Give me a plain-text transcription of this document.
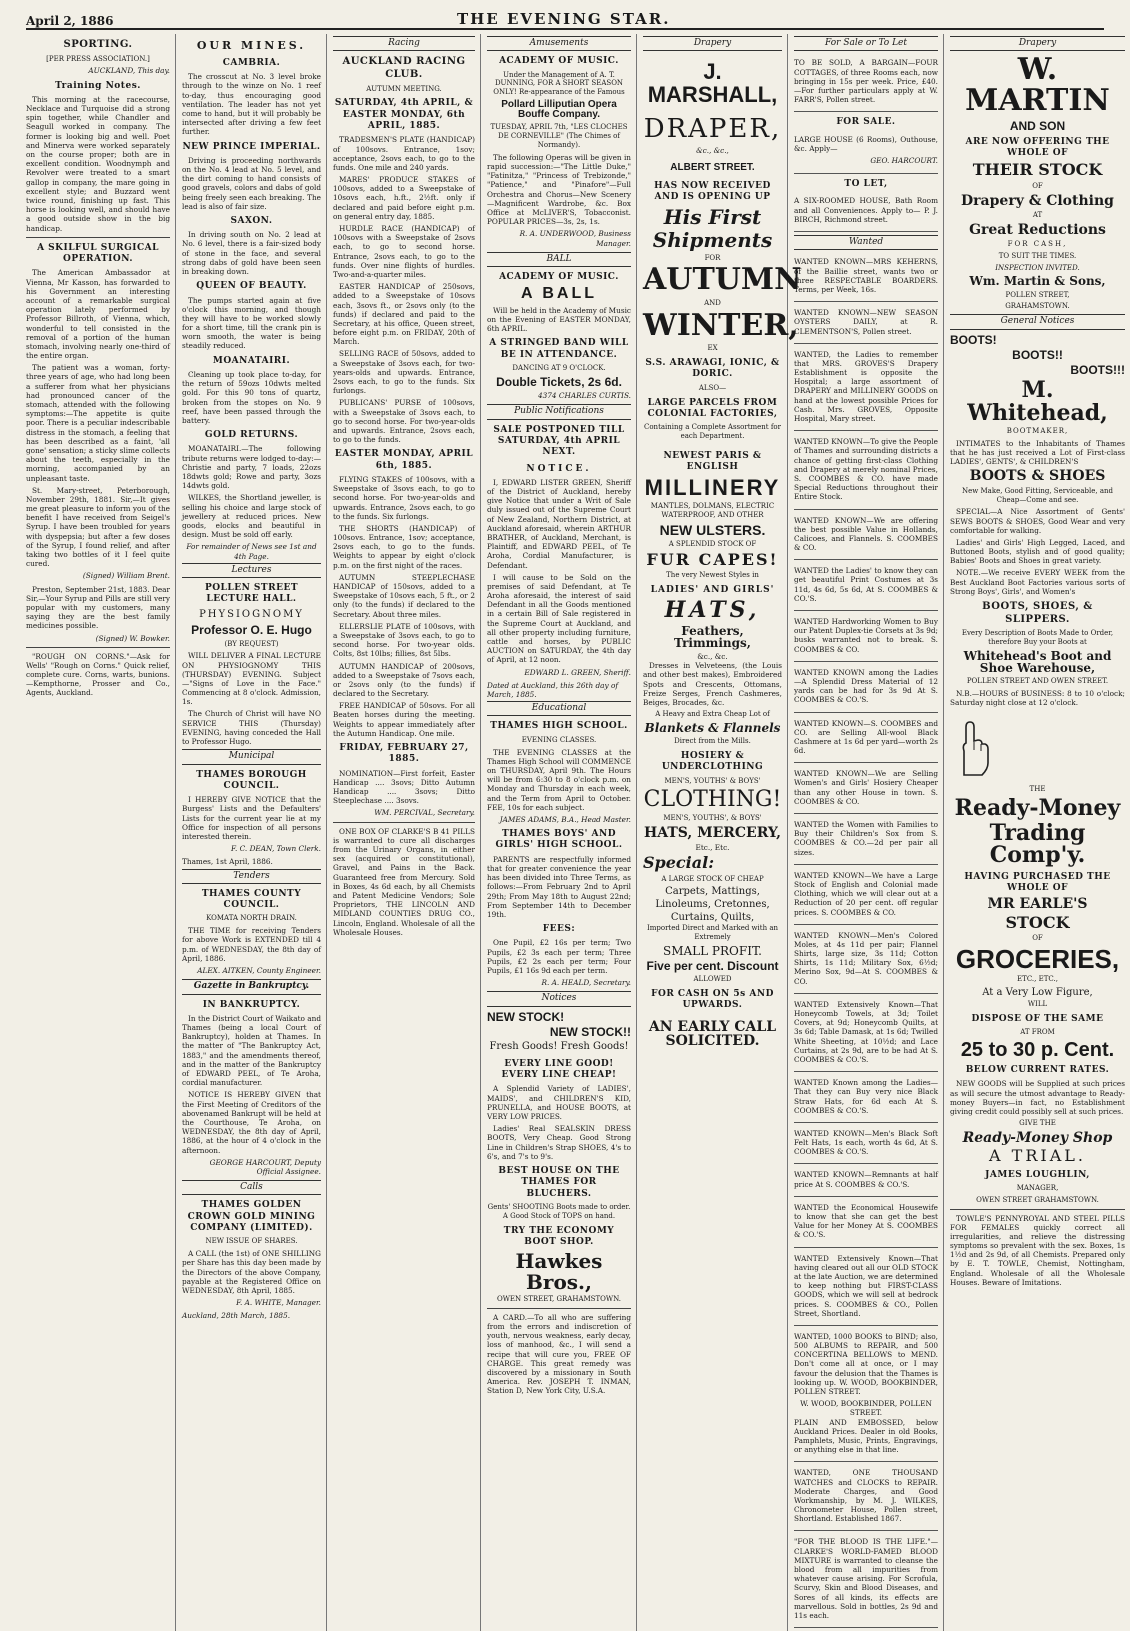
April 2, 1886	THE EVENING STAR.
SPORTING.
[PER PRESS ASSOCIATION.]
AUCKLAND, This day.
Training Notes.

This morning at the racecourse, Necklace and Turquoise did a strong spin together, while Chandler and Seagull worked in company. The former is looking big and well. Poet and Minerva were worked separately on the course proper; both are in excellent condition. Woodnymph and Revolver were treated to a smart gallop in company, the mare going in excellent style; and Buzzard went twice round, finishing up fast. This horse is looking well, and should have a good outside show in the big handicap.

A SKILFUL SURGICAL OPERATION.

The American Ambassador at Vienna, Mr Kasson, has forwarded to his Government an interesting account of a remarkable surgical operation lately performed by Professor Billroth, of Vienna, which, wonderful to tell consisted in the removal of a portion of the human stomach, involving nearly one-third of the entire organ.

The patient was a woman, forty-three years of age, who had long been a sufferer from what her physicians had pronounced cancer of the stomach, attended with the following symptoms:—The appetite is quite poor. There is a peculiar indescribable distress in the stomach, a feeling that has been described as a faint, 'all gone' sensation; a sticky slime collects about the teeth, especially in the morning, accompanied by an unpleasant taste.

St. Mary-street, Peterborough, November 29th, 1881. Sir,—It gives me great pleasure to inform you of the benefit I have received from Seigel's Syrup. I have been troubled for years with dyspepsia; but after a few doses of the Syrup, I found relief, and after taking two bottles of it I feel quite cured.

(Signed) William Brent.

Preston, September 21st, 1883. Dear Sir,—Your Syrup and Pills are still very popular with my customers, many saying they are the best family medicines possible.

(Signed) W. Bowker.

"ROUGH ON CORNS."—Ask for Wells' "Rough on Corns." Quick relief, complete cure. Corns, warts, bunions.—Kempthorne, Prosser and Co., Agents, Auckland.

OUR MINES.
CAMBRIA.

The crosscut at No. 3 level broke through to the winze on No. 1 reef to-day, thus encouraging good ventilation. The leader has not yet come to hand, but it will probably be intersected after driving a few feet further.

NEW PRINCE IMPERIAL.

Driving is proceeding northwards on the No. 4 lead at No. 5 level, and the dirt coming to hand consists of good gravels, colors and dabs of gold being freely seen each breaking. The lead is also of fair size.

SAXON.

In driving south on No. 2 lead at No. 6 level, there is a fair-sized body of stone in the face, and several strong dabs of gold have been seen in breaking down.

QUEEN OF BEAUTY.

The pumps started again at five o'clock this morning, and though they will have to be worked slowly for a short time, till the crank pin is worn smooth, the water is being steadily reduced.

MOANATAIRI.

Cleaning up took place to-day, for the return of 59ozs 10dwts melted gold. For this 90 tons of quartz, broken from the stopes on No. 9 reef, have been passed through the battery.

GOLD RETURNS.

MOANATAIRI.—The following tribute returns were lodged to-day:—Christie and party, 7 loads, 22ozs 18dwts gold; Rowe and party, 3ozs 14dwts gold.

WILKES, the Shortland jeweller, is selling his choice and large stock of jewellery at reduced prices. New goods, elocks and beautiful in design. Must be sold off early.

For remainder of News see 1st and 4th Page.
Lectures
POLLEN STREET LECTURE HALL.
PHYSIOGNOMY
Professor O. E. Hugo
(BY REQUEST)

WILL DELIVER A FINAL LECTURE ON PHYSIOGNOMY THIS (THURSDAY) EVENING. Subject—"Signs of Love in the Face." Commencing at 8 o'clock. Admission, 1s.

The Church of Christ will have NO SERVICE THIS (Thursday) EVENING, having conceded the Hall to Professor Hugo.

Municipal
THAMES BOROUGH COUNCIL.

I HEREBY GIVE NOTICE that the Burgess' Lists and the Defaulters' Lists for the current year lie at my Office for inspection of all persons interested therein.

F. C. DEAN, Town Clerk.
Thames, 1st April, 1886.
Tenders
THAMES COUNTY COUNCIL.
KOMATA NORTH DRAIN.

THE TIME for receiving Tenders for above Work is EXTENDED till 4 p.m. of WEDNESDAY, the 8th day of April, 1886.

ALEX. AITKEN, County Engineer.
Gazette in Bankruptcy.
IN BANKRUPTCY.

In the District Court of Waikato and Thames (being a local Court of Bankruptcy), holden at Thames. In the matter of "The Bankruptcy Act, 1883," and the amendments thereof, and in the matter of the Bankruptcy of EDWARD PEEL, of Te Aroha, cordial manufacturer.

NOTICE IS HEREBY GIVEN that the First Meeting of Creditors of the abovenamed Bankrupt will be held at the Courthouse, Te Aroha, on WEDNESDAY, the 8th day of April, 1886, at the hour of 4 o'clock in the afternoon.

GEORGE HARCOURT, Deputy Official Assignee.
Calls
THAMES GOLDEN CROWN GOLD MINING COMPANY (LIMITED).
NEW ISSUE OF SHARES.

A CALL (the 1st) of ONE SHILLING per Share has this day been made by the Directors of the above Company, payable at the Registered Office on WEDNESDAY, 8th April, 1885.

F. A. WHITE, Manager.
Auckland, 28th March, 1885.
Racing
AUCKLAND RACING CLUB.
AUTUMN MEETING.
SATURDAY, 4th APRIL, & EASTER MONDAY, 6th APRIL, 1885.

TRADESMEN'S PLATE (HANDICAP) of 100sovs. Entrance, 1sov; acceptance, 2sovs each, to go to the funds. One mile and 240 yards.

MARES' PRODUCE STAKES of 100sovs, added to a Sweepstake of 10sovs each, h.ft., 2½ft. only if declared and paid before eight p.m. on general entry day, 1885.

HURDLE RACE (HANDICAP) of 100sovs with a Sweepstake of 2sovs each, to go to second horse. Entrance, 2sovs each, to go to the funds. Over nine flights of hurdles. Two-and-a-quarter miles.

EASTER HANDICAP of 250sovs, added to a Sweepstake of 10sovs each, 3sovs ft., or 2sovs only (to the funds) if declared and paid to the Secretary, at his office, Queen street, before eight p.m. on FRIDAY, 20th of March.

SELLING RACE of 50sovs, added to a Sweepstake of 3sovs each, for two-years-olds and upwards. Entrance, 2sovs each, to go to the funds. Six furlongs.

PUBLICANS' PURSE of 100sovs, with a Sweepstake of 3sovs each, to go to second horse. For two-year-olds and upwards. Entrance, 2sovs each, to go to the funds.

EASTER MONDAY, APRIL 6th, 1885.

FLYING STAKES of 100sovs, with a Sweepstake of 3sovs each, to go to second horse. For two-year-olds and upwards. Entrance, 2sovs each, to go to the funds. Six furlongs.

THE SHORTS (HANDICAP) of 100sovs. Entrance, 1sov; acceptance, 2sovs each, to go to the funds. Weights to appear by eight o'clock p.m. on the first night of the races.

AUTUMN STEEPLECHASE HANDICAP of 150sovs, added to a Sweepstake of 10sovs each, 5 ft., or 2 only (to the funds) if declared to the Secretary. About three miles.

ELLERSLIE PLATE of 100sovs, with a Sweepstake of 3sovs each, to go to second horse. For two-year olds. Colts, 8st 10lbs; fillies, 8st 5lbs.

AUTUMN HANDICAP of 200sovs, added to a Sweepstake of 7sovs each, or 2sovs only (to the funds) if declared to the Secretary.

FREE HANDICAP of 50sovs. For all Beaten horses during the meeting. Weights to appear immediately after the Autumn Handicap. One mile.

FRIDAY, FEBRUARY 27, 1885.

NOMINATION—First forfeit, Easter Handicap .... 3sovs; Ditto Autumn Handicap .... 3sovs; Ditto Steeplechase .... 3sovs.

WM. PERCIVAL, Secretary.

ONE BOX OF CLARKE'S B 41 PILLS is warranted to cure all discharges from the Urinary Organs, in either sex (acquired or constitutional), Gravel, and Pains in the Back. Guaranteed free from Mercury. Sold in Boxes, 4s 6d each, by all Chemists and Patent Medicine Vendors; Sole Proprietors, THE LINCOLN AND MIDLAND COUNTIES DRUG CO., Lincoln, England. Wholesale of all the Wholesale Houses.

Amusements
ACADEMY OF MUSIC.
Under the Management of A. T. DUNNING, FOR A SHORT SEASON ONLY! Re-appearance of the Famous
Pollard Lilliputian Opera Bouffe Company.
TUESDAY, APRIL 7th, "LES CLOCHES DE CORNEVILLE" (The Chimes of Normandy).

The following Operas will be given in rapid succession:—"The Little Duke," "Fatinitza," "Princess of Trebizonde," "Patience," and "Pinafore"—Full Orchestra and Chorus—New Scenery—Magnificent Wardrobe, &c. Box Office at McLIVER'S, Tobacconist. POPULAR PRICES—3s, 2s, 1s.

R. A. UNDERWOOD, Business Manager.
BALL
ACADEMY OF MUSIC.
A BALL

Will be held in the Academy of Music on the Evening of EASTER MONDAY, 6th APRIL.

A STRINGED BAND WILL BE IN ATTENDANCE.
DANCING AT 9 O'CLOCK.
Double Tickets, 2s 6d.
4374 CHARLES CURTIS.
Public Notifications
SALE POSTPONED TILL SATURDAY, 4th APRIL NEXT.
NOTICE.

I, EDWARD LISTER GREEN, Sheriff of the District of Auckland, hereby give Notice that under a Writ of Sale duly issued out of the Supreme Court of New Zealand, Northern District, at Auckland aforesaid, wherein ARTHUR BRATHER, of Auckland, Merchant, is Plaintiff, and EDWARD PEEL, of Te Aroha, Cordial Manufacturer, is Defendant.

I will cause to be Sold on the premises of said Defendant, at Te Aroha aforesaid, the interest of said Defendant in all the Goods mentioned in a certain Bill of Sale registered in the Supreme Court at Auckland, and all other property including furniture, cattle and horses, by PUBLIC AUCTION on SATURDAY, the 4th day of April, at 12 noon.

EDWARD L. GREEN, Sheriff.
Dated at Auckland, this 26th day of March, 1885.
Educational
THAMES HIGH SCHOOL.
EVENING CLASSES.

THE EVENING CLASSES at the Thames High School will COMMENCE on THURSDAY, April 9th. The Hours will be from 6:30 to 8 o'clock p.m. on Monday and Thursday in each week, and the Term from April to October. FEE, 10s for each subject.

JAMES ADAMS, B.A., Head Master.
THAMES BOYS' AND GIRLS' HIGH SCHOOL.

PARENTS are respectfully informed that for greater convenience the year has been divided into Three Terms, as follows:—From February 2nd to April 29th; From May 18th to August 22nd; From September 14th to December 19th.

FEES:

One Pupil, £2 16s per term; Two Pupils, £2 3s each per term; Three Pupils, £2 2s each per term; Four Pupils, £1 16s 9d each per term.

R. A. HEALD, Secretary.
Notices
NEW STOCK!
NEW STOCK!!
Fresh Goods! Fresh Goods!
EVERY LINE GOOD! EVERY LINE CHEAP!

A Splendid Variety of LADIES', MAIDS', and CHILDREN'S KID, PRUNELLA, and HOUSE BOOTS, at VERY LOW PRICES.

Ladies' Real SEALSKIN DRESS BOOTS, Very Cheap. Good Strong Line in Children's Strap SHOES, 4's to 6's, and 7's to 9's.

BEST HOUSE ON THE THAMES FOR BLUCHERS.
Gents' SHOOTING Boots made to order. A Good Stock of TOPS on hand.
TRY THE ECONOMY BOOT SHOP.
Hawkes Bros.,
OWEN STREET, GRAHAMSTOWN.

A CARD.—To all who are suffering from the errors and indiscretion of youth, nervous weakness, early decay, loss of manhood, &c., I will send a recipe that will cure you, FREE OF CHARGE. This great remedy was discovered by a missionary in South America. Rev. JOSEPH T. INMAN, Station D, New York City, U.S.A.

Drapery
J. MARSHALL,
DRAPER,
&c., &c.,
ALBERT STREET.
HAS NOW RECEIVED AND IS OPENING UP
His First
Shipments
FOR
AUTUMN
AND
WINTER,
EX
S.S. ARAWAGI, IONIC, & DORIC.
ALSO—
LARGE PARCELS FROM COLONIAL FACTORIES,
Containing a Complete Assortment for each Department.
NEWEST PARIS & ENGLISH
MILLINERY
MANTLES, DOLMANS, ELECTRIC WATERPROOF, AND OTHER
NEW ULSTERS.
A SPLENDID STOCK OF
FUR CAPES!
The very Newest Styles in
LADIES' AND GIRLS'
HATS,
Feathers, Trimmings,
&c., &c.

Dresses in Velveteens, (the Louis and other best makes), Embroidered Spots and Crescents, Ottomans, Freize Serges, French Cashmeres, Beiges, Brocades, &c.

A Heavy and Extra Cheap Lot of
Blankets & Flannels
Direct from the Mills.
HOSIERY & UNDERCLOTHING
MEN'S, YOUTHS' & BOYS'
CLOTHING!
MEN'S, YOUTHS', & BOYS'
HATS, MERCERY,
Etc., Etc.
Special:
A LARGE STOCK OF CHEAP
Carpets, Mattings, Linoleums, Cretonnes, Curtains, Quilts,
Imported Direct and Marked with an Extremely
SMALL PROFIT.
Five per cent. Discount
ALLOWED
FOR CASH ON 5s AND UPWARDS.
AN EARLY CALL SOLICITED.
For Sale or To Let

TO BE SOLD, A BARGAIN—FOUR COTTAGES, of three Rooms each, now bringing in 15s per week. Price, £40.—For further particulars apply at W. FARR'S, Pollen street.

FOR SALE.

LARGE HOUSE (6 Rooms), Outhouse, &c. Apply—

GEO. HARCOURT.
TO LET,

A SIX-ROOMED HOUSE, Bath Room and all Conveniences. Apply to— P. J. BIRCH, Richmond street.

Wanted

WANTED KNOWN—MRS KEHERNS, of the Baillie street, wants two or three RESPECTABLE BOARDERS. Terms, per Week, 16s.

WANTED KNOWN—NEW SEASON OYSTERS DAILY, at R. CLEMENTSON'S, Pollen street.

WANTED, the Ladies to remember that MRS. GROVES'S Drapery Establishment is opposite the Hospital; a large assortment of DRAPERY and MILLINERY GOODS on hand at the lowest possible Prices for Cash. Mrs. GROVES, Opposite Hospital, Mary street.

WANTED KNOWN—To give the People of Thames and surrounding districts a chance of getting first-class Clothing and Drapery at merely nominal Prices, S. COOMBES & CO. have made Special Reductions throughout their Entire Stock.

WANTED KNOWN—We are offering the best possible Value in Hollands, Calicoes, and Flannels. S. COOMBES & CO.

WANTED the Ladies' to know they can get beautiful Print Costumes at 3s 11d, 4s 6d, 5s 6d, At S. COOMBES & CO.'S.

WANTED Hardworking Women to Buy our Patent Duplex-tie Corsets at 3s 9d; busks warranted not to break. S. COOMBES & CO.

WANTED KNOWN among the Ladies—A Splendid Dress Material of 12 yards can be had for 3s 9d At S. COOMBES & CO.'S.

WANTED KNOWN—S. COOMBES and CO. are Selling All-wool Black Cashmere at 1s 6d per yard—worth 2s 6d.

WANTED KNOWN—We are Selling Women's and Girls' Hosiery Cheaper than any other House in town. S. COOMBES & CO.

WANTED the Women with Families to Buy their Children's Sox from S. COOMBES & CO.—2d per pair all sizes.

WANTED KNOWN—We have a Large Stock of English and Colonial made Clothing, which we will clear out at a Reduction of 20 per cent. off regular prices. S. COOMBES & CO.

WANTED KNOWN—Men's Colored Moles, at 4s 11d per pair; Flannel Shirts, large size, 3s 11d; Cotton Shirts, 1s 11d; Military Sox, 6½d; Merino Sox, 9d—At S. COOMBES & CO.

WANTED Extensively Known—That Honeycomb Towels, at 3d; Toilet Covers, at 9d; Honeycomb Quilts, at 3s 6d; Table Damask, at 1s 6d; Twilled White Sheeting, at 10½d; and Lace Curtains, at 2s 9d, are to be had At S. COOMBES & CO.'S.

WANTED Known among the Ladies—That they can Buy very nice Black Straw Hats, for 6d each At S. COOMBES & CO.'S.

WANTED KNOWN—Men's Black Soft Felt Hats, 1s each, worth 4s 6d, At S. COOMBES & CO.'S.

WANTED KNOWN—Remnants at half price At S. COOMBES & CO.'S.

WANTED the Economical Housewife to know that she can get the best Value for her Money At S. COOMBES & CO.'S.

WANTED Extensively Known—That having cleared out all our OLD STOCK at the late Auction, we are determined to keep nothing but FIRST-CLASS GOODS, which we will sell at bedrock prices. S. COOMBES & CO., Pollen Street, Shortland.

WANTED, 1000 BOOKS to BIND; also, 500 ALBUMS to REPAIR, and 500 CONCERTINA BELLOWS to MEND. Don't come all at once, or I may favour the delusion that the Thames is looking up. W. WOOD, BOOKBINDER, POLLEN STREET.

W. WOOD, BOOKBINDER, POLLEN STREET.

PLAIN AND EMBOSSED, below Auckland Prices. Dealer in old Books, Pamphlets, Music, Prints, Engravings, or anything else in that line.

WANTED, ONE THOUSAND WATCHES and CLOCKS to REPAIR. Moderate Charges, and Good Workmanship, by M. J. WILKES, Chronometer House, Pollen street, Shortland. Established 1867.

"FOR THE BLOOD IS THE LIFE."—CLARKE'S WORLD-FAMED BLOOD MIXTURE is warranted to cleanse the blood from all impurities from whatever cause arising. For Scrofula, Scurvy, Skin and Blood Diseases, and Sores of all kinds, its effects are marvellous. Sold in bottles, 2s 9d and 11s each.

Drapery
W. MARTIN
AND SON
ARE NOW OFFERING THE WHOLE OF
THEIR STOCK
OF
Drapery & Clothing
AT
Great Reductions
FOR CASH,
TO SUIT THE TIMES.
INSPECTION INVITED.
Wm. Martin & Sons,
POLLEN STREET,
GRAHAMSTOWN.
General Notices
BOOTS!
BOOTS!!
BOOTS!!!
M. Whitehead,
BOOTMAKER,

INTIMATES to the Inhabitants of Thames that he has just received a Lot of First-class LADIES', GENTS', & CHILDREN'S

BOOTS & SHOES
New Make, Good Fitting, Serviceable, and Cheap—Come and see.

SPECIAL—A Nice Assortment of Gents' SEWS BOOTS & SHOES, Good Wear and very comfortable for walking.

Ladies' and Girls' High Legged, Laced, and Buttoned Boots, stylish and of good quality; Babies' Boots and Shoes in great variety.

NOTE.—We receive EVERY WEEK from the Best Auckland Boot Factories various sorts of Strong Boys', Girls', and Women's

BOOTS, SHOES, & SLIPPERS.
Every Description of Boots Made to Order, therefore Buy your Boots at
Whitehead's Boot and Shoe Warehouse,
POLLEN STREET AND OWEN STREET.

N.B.—HOURS of BUSINESS: 8 to 10 o'clock; Saturday night close at 12 o'clock.

THE
Ready-Money
Trading Comp'y.
HAVING PURCHASED THE WHOLE OF
MR EARLE'S
STOCK
OF
GROCERIES,
ETC., ETC.,
At a Very Low Figure,
WILL
DISPOSE OF THE SAME
AT FROM
25 to 30 p. Cent.
BELOW CURRENT RATES.

NEW GOODS will be Supplied at such prices as will secure the utmost advantage to Ready-money Buyers—in fact, no Establishment giving credit could possibly sell at such prices.

GIVE THE
Ready-Money Shop
A TRIAL.
JAMES LOUGHLIN,
MANAGER,
OWEN STREET GRAHAMSTOWN.

TOWLE'S PENNYROYAL AND STEEL PILLS FOR FEMALES quickly correct all irregularities, and relieve the distressing symptoms so prevalent with the sex. Boxes, 1s 1½d and 2s 9d, of all Chemists. Prepared only by E. T. TOWLE, Chemist, Nottingham, England. Wholesale of all the Wholesale Houses. Beware of Imitations.
